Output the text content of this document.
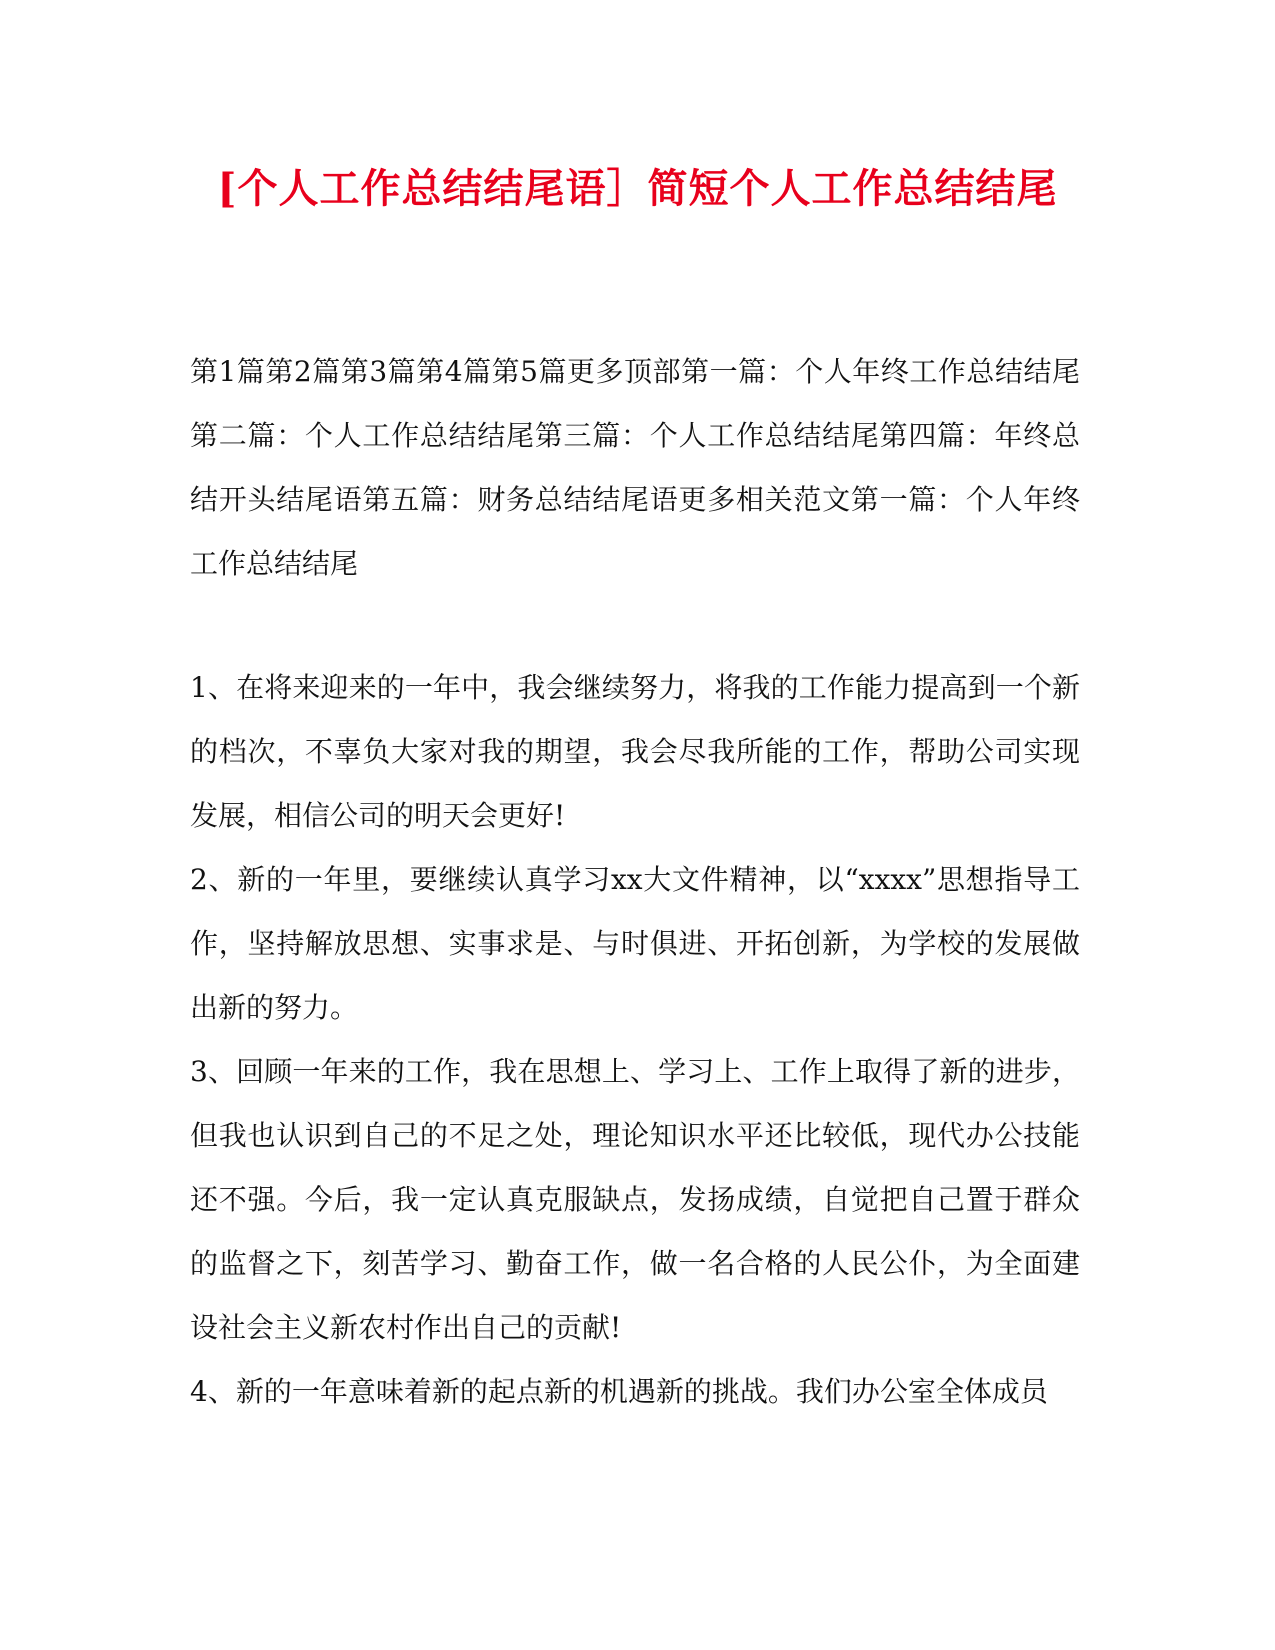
[个人工作总结结尾语］简短个人工作总结结尾

第1篇第2篇第3篇第4篇第5篇更多顶部第一篇：个人年终工作总结结尾第二篇：个人工作总结结尾第三篇：个人工作总结结尾第四篇：年终总结开头结尾语第五篇：财务总结结尾语更多相关范文第一篇：个人年终工作总结结尾

1、在将来迎来的一年中，我会继续努力，将我的工作能力提高到一个新的档次，不辜负大家对我的期望，我会尽我所能的工作，帮助公司实现发展，相信公司的明天会更好!

2、新的一年里，要继续认真学习xx大文件精神，以“xxxx”思想指导工作，坚持解放思想、实事求是、与时俱进、开拓创新，为学校的发展做出新的努力。

3、回顾一年来的工作，我在思想上、学习上、工作上取得了新的进步，但我也认识到自己的不足之处，理论知识水平还比较低，现代办公技能还不强。今后，我一定认真克服缺点，发扬成绩，自觉把自己置于群众的监督之下，刻苦学习、勤奋工作，做一名合格的人民公仆，为全面建设社会主义新农村作出自己的贡献!

4、新的一年意味着新的起点新的机遇新的挑战。我们办公室全体成员
